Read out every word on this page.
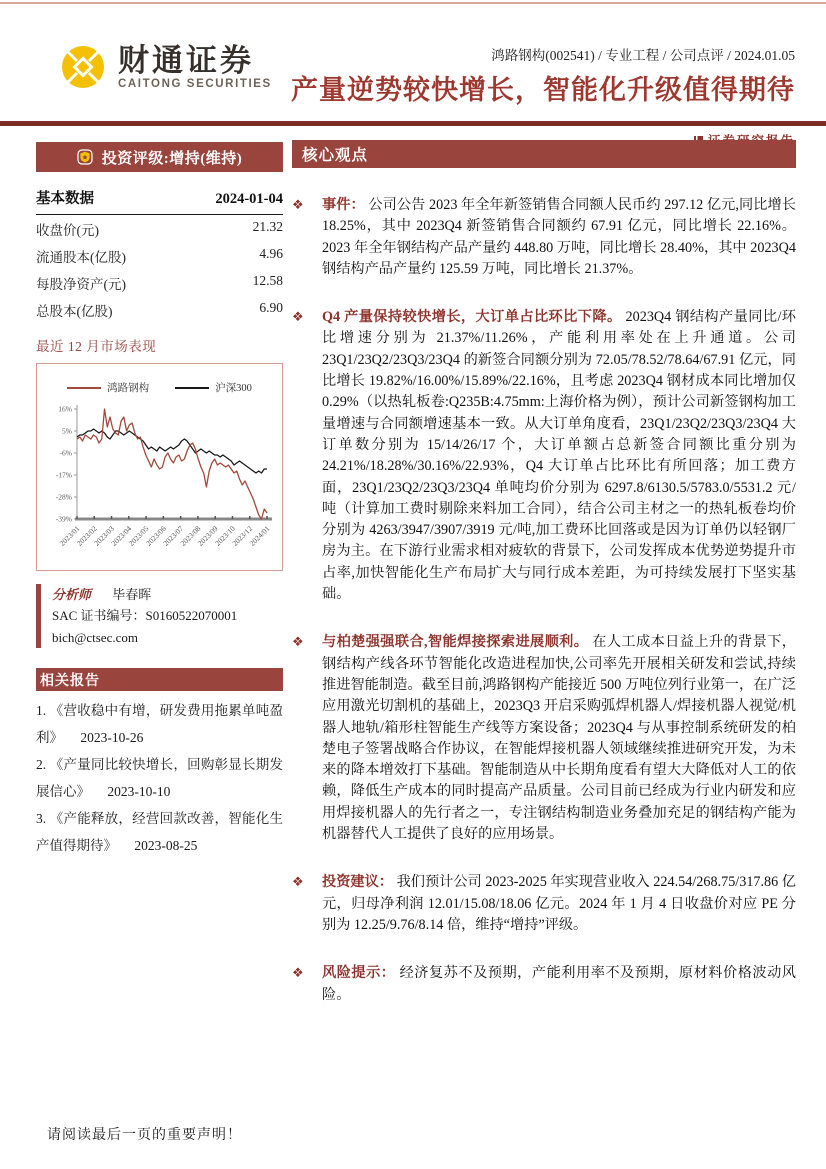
财通证券
CAITONG SECURITIES
鸿路钢构(002541) / 专业工程 / 公司点评 / 2024.01.05
产量逆势较快增长，智能化升级值得期待
投资评级:增持(维持)
基本数据	2024-01-04
收盘价(元)	21.32
流通股本(亿股)	4.96
每股净资产(元)	12.58
总股本(亿股)	6.90
最近 12 月市场表现
鸿路钢构	沪深300
16%
5%
-6%
-17%
-28%
-39%
2023/01
2023/02
2023/03
2023/04
2023/05
2023/06
2023/07
2023/08
2023/09
2023/10
2023/12
2024/01
分析师 毕春晖
SAC 证书编号：S0160522070001
bich@ctsec.com
相关报告
1. 《营收稳中有增，研发费用拖累单吨盈利》 2023-10-26
2. 《产量同比较快增长，回购彰显长期发展信心》 2023-10-10
3. 《产能释放，经营回款改善，智能化生产值得期待》 2023-08-25
核心观点
❖	事件： 公司公告 2023 年全年新签销售合同额人民币约 297.12 亿元,同比增长 18.25%，其中 2023Q4 新签销售合同额约 67.91 亿元，同比增长 22.16%。2023 年全年钢结构产品产量约 448.80 万吨，同比增长 28.40%，其中 2023Q4 钢结构产品产量约 125.59 万吨，同比增长 21.37%。

❖	Q4 产量保持较快增长，大订单占比环比下降。 2023Q4 钢结构产量同比/环比增速分别为 21.37%/11.26%，产能利用率处在上升通道。公司 23Q1/23Q2/23Q3/23Q4 的新签合同额分别为 72.05/78.52/78.64/67.91 亿元，同比增长 19.82%/16.00%/15.89%/22.16%，且考虑 2023Q4 钢材成本同比增加仅 0.29%（以热轧板卷:Q235B:4.75mm:上海价格为例），预计公司新签钢构加工量增速与合同额增速基本一致。从大订单角度看，23Q1/23Q2/23Q3/23Q4 大订单数分别为 15/14/26/17 个，大订单额占总新签合同额比重分别为 24.21%/18.28%/30.16%/22.93%，Q4 大订单占比环比有所回落；加工费方面，23Q1/23Q2/23Q3/23Q4 单吨均价分别为 6297.8/6130.5/5783.0/5531.2 元/吨（计算加工费时剔除来料加工合同），结合公司主材之一的热轧板卷均价分别为 4263/3947/3907/3919 元/吨,加工费环比回落或是因为订单仍以轻钢厂房为主。在下游行业需求相对疲软的背景下，公司发挥成本优势逆势提升市占率,加快智能化生产布局扩大与同行成本差距，为可持续发展打下坚实基础。

❖	与柏楚强强联合,智能焊接探索进展顺利。 在人工成本日益上升的背景下，钢结构产线各环节智能化改造进程加快,公司率先开展相关研发和尝试,持续推进智能制造。截至目前,鸿路钢构产能接近 500 万吨位列行业第一，在广泛应用激光切割机的基础上，2023Q3 开启采购弧焊机器人/焊接机器人视觉/机器人地轨/箱形柱智能生产线等方案设备；2023Q4 与从事控制系统研发的柏楚电子签署战略合作协议，在智能焊接机器人领域继续推进研究开发，为未来的降本增效打下基础。智能制造从中长期角度看有望大大降低对人工的依赖，降低生产成本的同时提高产品质量。公司目前已经成为行业内研发和应用焊接机器人的先行者之一，专注钢结构制造业务叠加充足的钢结构产能为机器替代人工提供了良好的应用场景。

❖	投资建议： 我们预计公司 2023-2025 年实现营业收入 224.54/268.75/317.86 亿元，归母净利润 12.01/15.08/18.06 亿元。2024 年 1 月 4 日收盘价对应 PE 分别为 12.25/9.76/8.14 倍，维持“增持”评级。

❖	风险提示： 经济复苏不及预期，产能利用率不及预期，原材料价格波动风险。

请阅读最后一页的重要声明！
